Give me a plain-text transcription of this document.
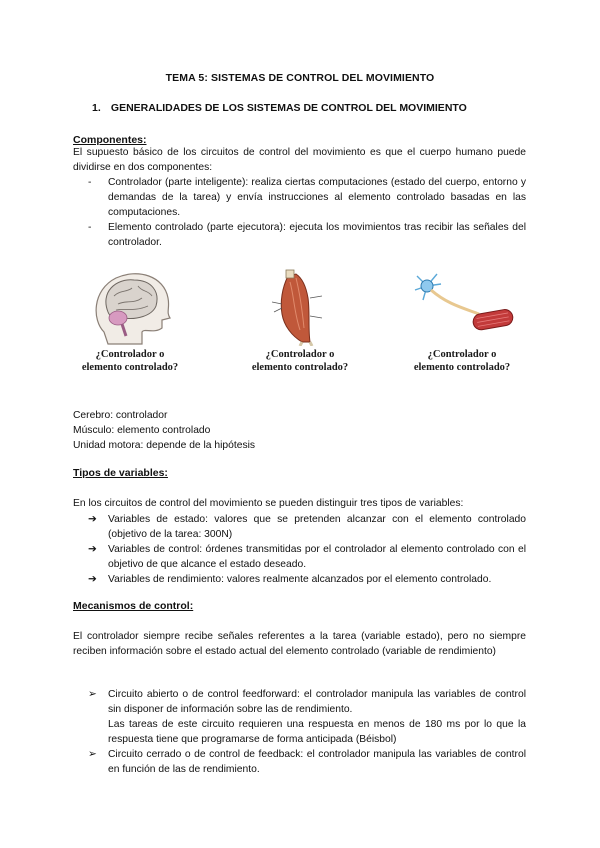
TEMA 5: SISTEMAS DE CONTROL DEL MOVIMIENTO
1. GENERALIDADES DE LOS SISTEMAS DE CONTROL DEL MOVIMIENTO
Componentes:
El supuesto básico de los circuitos de control del movimiento es que el cuerpo humano puede dividirse en dos componentes:
- Controlador (parte inteligente): realiza ciertas computaciones (estado del cuerpo, entorno y demandas de la tarea) y envía instrucciones al elemento controlado basadas en las computaciones.
- Elemento controlado (parte ejecutora): ejecuta los movimientos tras recibir las señales del controlador.
¿Controlador o
elemento controlado?
¿Controlador o
elemento controlado?
¿Controlador o
elemento controlado?
Cerebro: controlador
Músculo: elemento controlado
Unidad motora: depende de la hipótesis
Tipos de variables:
En los circuitos de control del movimiento se pueden distinguir tres tipos de variables:
➔ Variables de estado: valores que se pretenden alcanzar con el elemento controlado (objetivo de la tarea: 300N)
➔ Variables de control: órdenes transmitidas por el controlador al elemento controlado con el objetivo de que alcance el estado deseado.
➔ Variables de rendimiento: valores realmente alcanzados por el elemento controlado.
Mecanismos de control:
El controlador siempre recibe señales referentes a la tarea (variable estado), pero no siempre reciben información sobre el estado actual del elemento controlado (variable de rendimiento)
➢ Circuito abierto o de control feedforward: el controlador manipula las variables de control sin disponer de información sobre las de rendimiento.
Las tareas de este circuito requieren una respuesta en menos de 180 ms por lo que la respuesta tiene que programarse de forma anticipada (Béisbol)
➢ Circuito cerrado o de control de feedback: el controlador manipula las variables de control en función de las de rendimiento.
